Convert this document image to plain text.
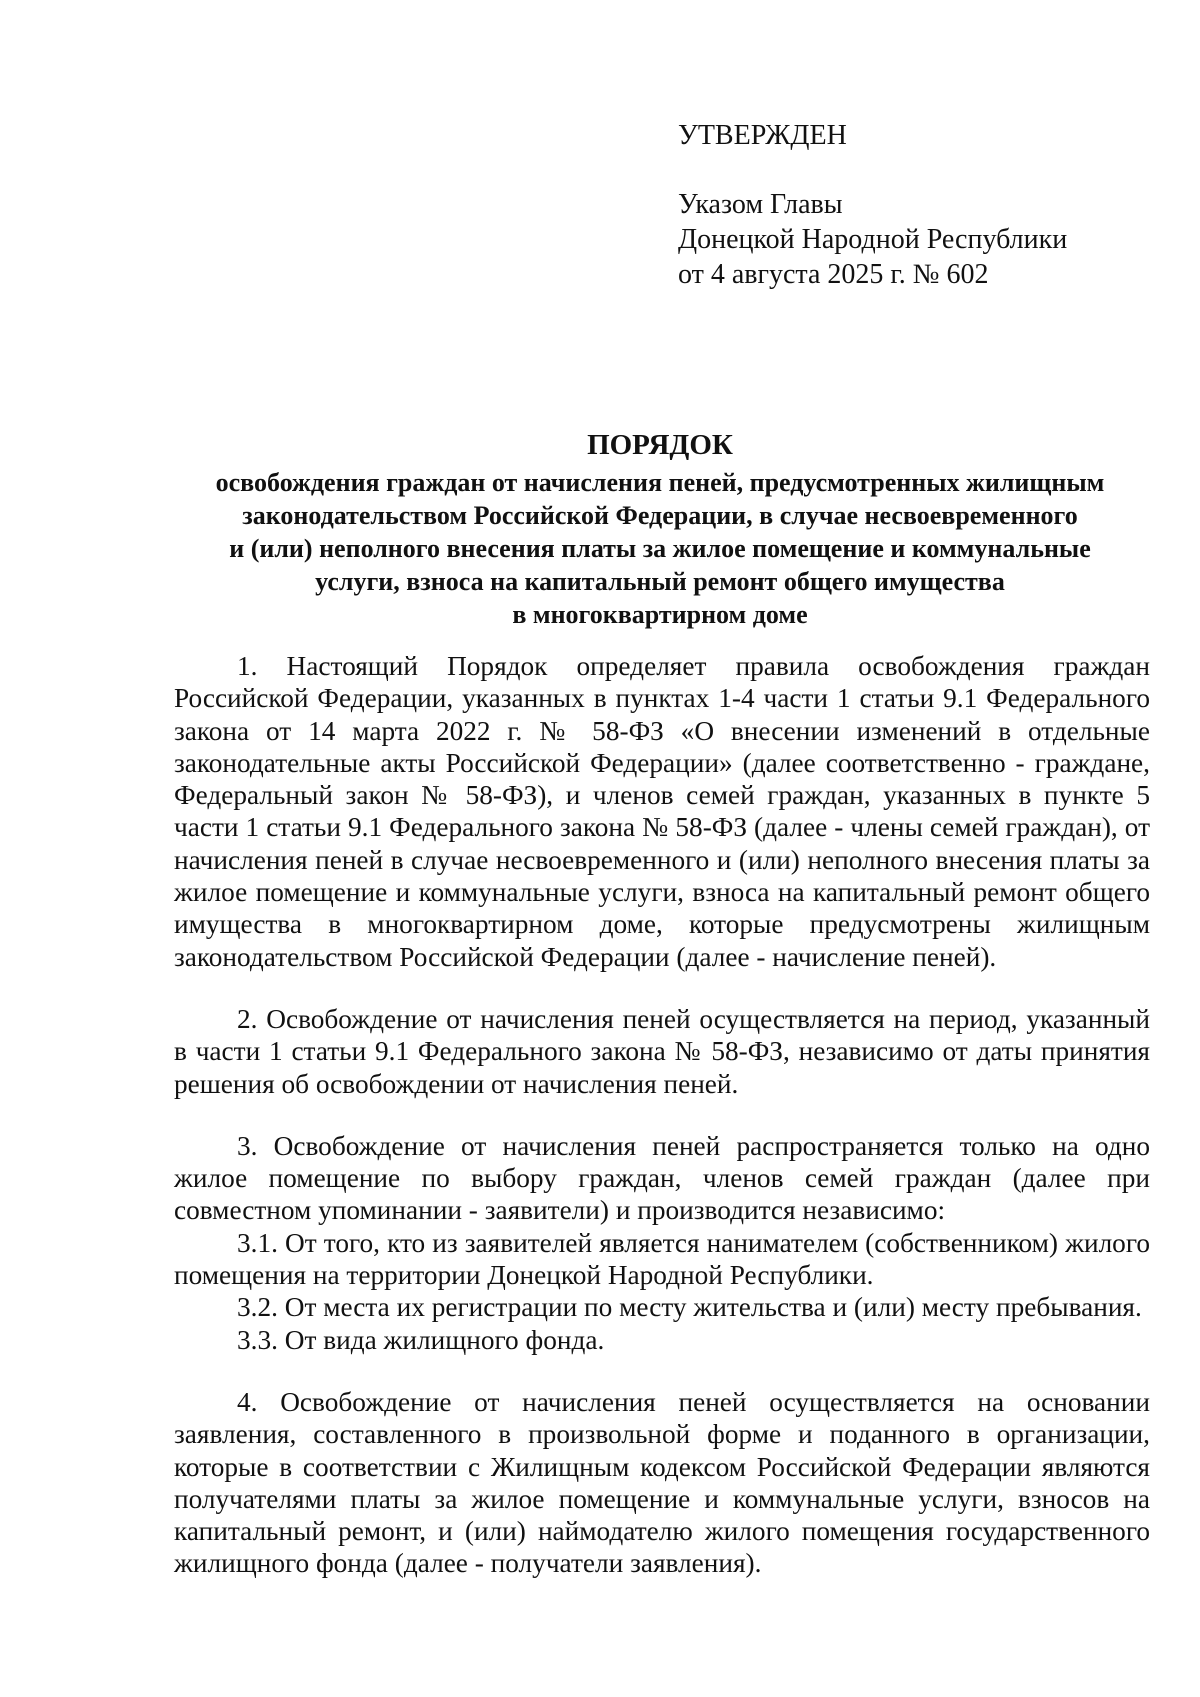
УТВЕРЖДЕН
Указом Главы
Донецкой Народной Республики
от 4 августа 2025 г. № 602
ПОРЯДОК
освобождения граждан от начисления пеней, предусмотренных жилищным
законодательством Российской Федерации, в случае несвоевременного
и (или) неполного внесения платы за жилое помещение и коммунальные
услуги, взноса на капитальный ремонт общего имущества
в многоквартирном доме

1. Настоящий Порядок определяет правила освобождения граждан Российской Федерации, указанных в пунктах 1-4 части 1 статьи 9.1 Федерального закона от 14 марта 2022 г. № 58-ФЗ «О внесении изменений в отдельные законодательные акты Российской Федерации» (далее соответственно - граждане, Федеральный закон № 58-ФЗ), и членов семей граждан, указанных в пункте 5 части 1 статьи 9.1 Федерального закона № 58-ФЗ (далее - члены семей граждан), от начисления пеней в случае несвоевременного и (или) неполного внесения платы за жилое помещение и коммунальные услуги, взноса на капитальный ремонт общего имущества в многоквартирном доме, которые предусмотрены жилищным законодательством Российской Федерации (далее - начисление пеней).

2. Освобождение от начисления пеней осуществляется на период, указанный в части 1 статьи 9.1 Федерального закона № 58-ФЗ, независимо от даты принятия решения об освобождении от начисления пеней.

3. Освобождение от начисления пеней распространяется только на одно жилое помещение по выбору граждан, членов семей граждан (далее при совместном упоминании - заявители) и производится независимо:

3.1. От того, кто из заявителей является нанимателем (собственником) жилого помещения на территории Донецкой Народной Республики.

3.2. От места их регистрации по месту жительства и (или) месту пребывания.

3.3. От вида жилищного фонда.

4. Освобождение от начисления пеней осуществляется на основании заявления, составленного в произвольной форме и поданного в организации, которые в соответствии с Жилищным кодексом Российской Федерации являются получателями платы за жилое помещение и коммунальные услуги, взносов на капитальный ремонт, и (или) наймодателю жилого помещения государственного жилищного фонда (далее - получатели заявления).
